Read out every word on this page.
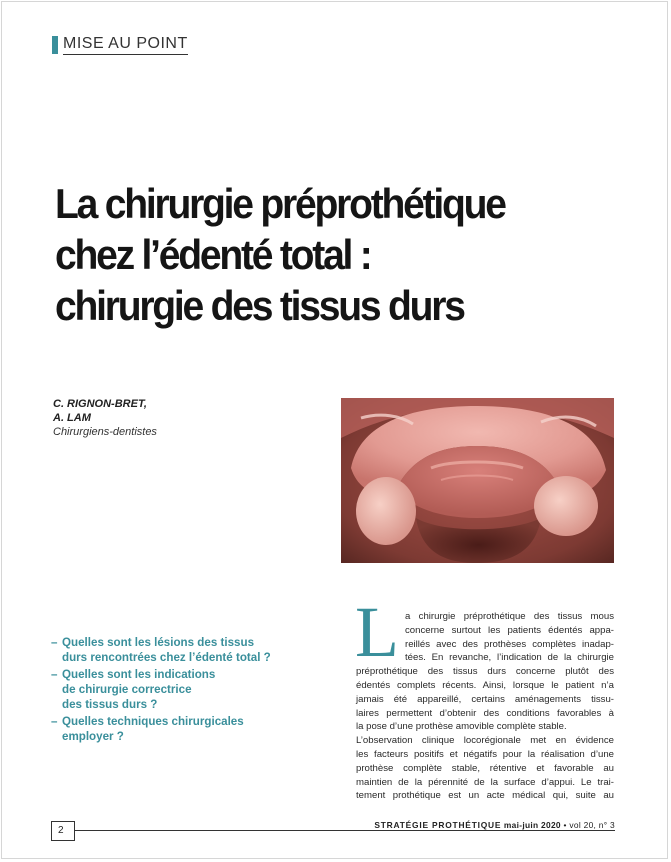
MISE AU POINT
La chirurgie préprothétique
chez l’édenté total :
chirurgie des tissus durs
C. RIGNON-BRET,
A. LAM
Chirurgiens-dentistes
– Quelles sont les lésions des tissus
durs rencontrées chez l’édenté total ?
– Quelles sont les indications
de chirurgie correctrice
des tissus durs ?
– Quelles techniques chirurgicales
employer ?
L a chirurgie préprothétique des tissus mous
concerne surtout les patients édentés appa-
reillés avec des prothèses complètes inadap-
tées. En revanche, l’indication de la chirurgie
préprothétique des tissus durs concerne plutôt des
édentés complets récents. Ainsi, lorsque le patient n’a
jamais été appareillé, certains aménagements tissu-
laires permettent d’obtenir des conditions favorables à
la pose d’une prothèse amovible complète stable.
L’observation clinique locorégionale met en évidence
les facteurs positifs et négatifs pour la réalisation d’une
prothèse complète stable, rétentive et favorable au
maintien de la pérennité de la surface d’appui. Le trai-
tement prothétique est un acte médical qui, suite au

2	STRATÉGIE PROTHÉTIQUE mai-juin 2020 • vol 20, n° 3
